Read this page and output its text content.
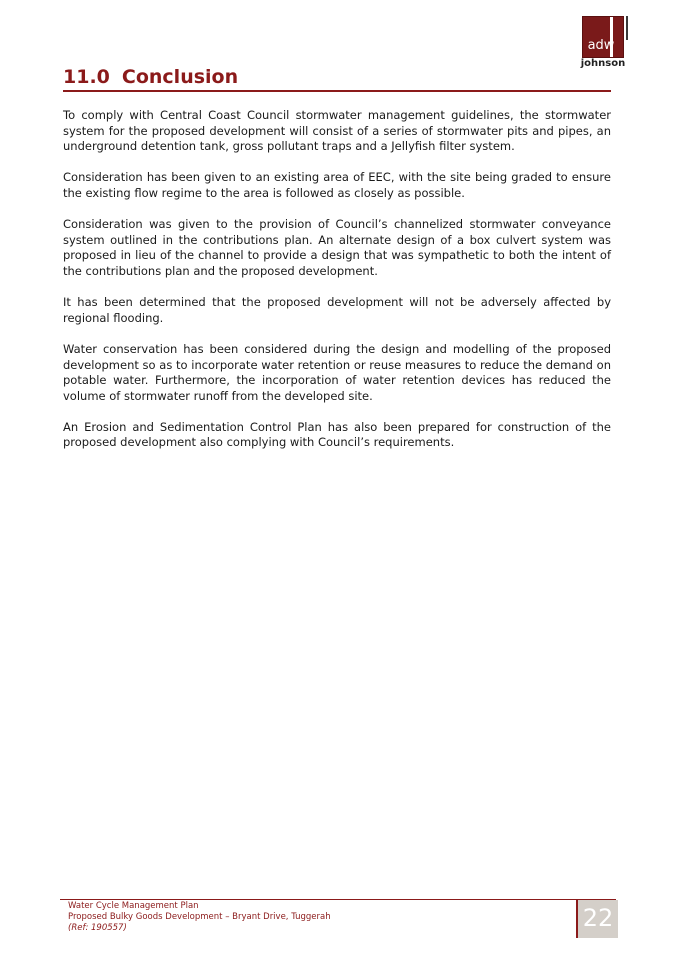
adw
johnson
11.0 Conclusion

To comply with Central Coast Council stormwater management guidelines, the stormwater system for the proposed development will consist of a series of stormwater pits and pipes, an underground detention tank, gross pollutant traps and a Jellyfish filter system.

Consideration has been given to an existing area of EEC, with the site being graded to ensure the existing flow regime to the area is followed as closely as possible.

Consideration was given to the provision of Council’s channelized stormwater conveyance system outlined in the contributions plan. An alternate design of a box culvert system was proposed in lieu of the channel to provide a design that was sympathetic to both the intent of the contributions plan and the proposed development.

It has been determined that the proposed development will not be adversely affected by regional flooding.

Water conservation has been considered during the design and modelling of the proposed development so as to incorporate water retention or reuse measures to reduce the demand on potable water. Furthermore, the incorporation of water retention devices has reduced the volume of stormwater runoff from the developed site.

An Erosion and Sedimentation Control Plan has also been prepared for construction of the proposed development also complying with Council’s requirements.

Water Cycle Management Plan
Proposed Bulky Goods Development – Bryant Drive, Tuggerah
(Ref: 190557)	22
